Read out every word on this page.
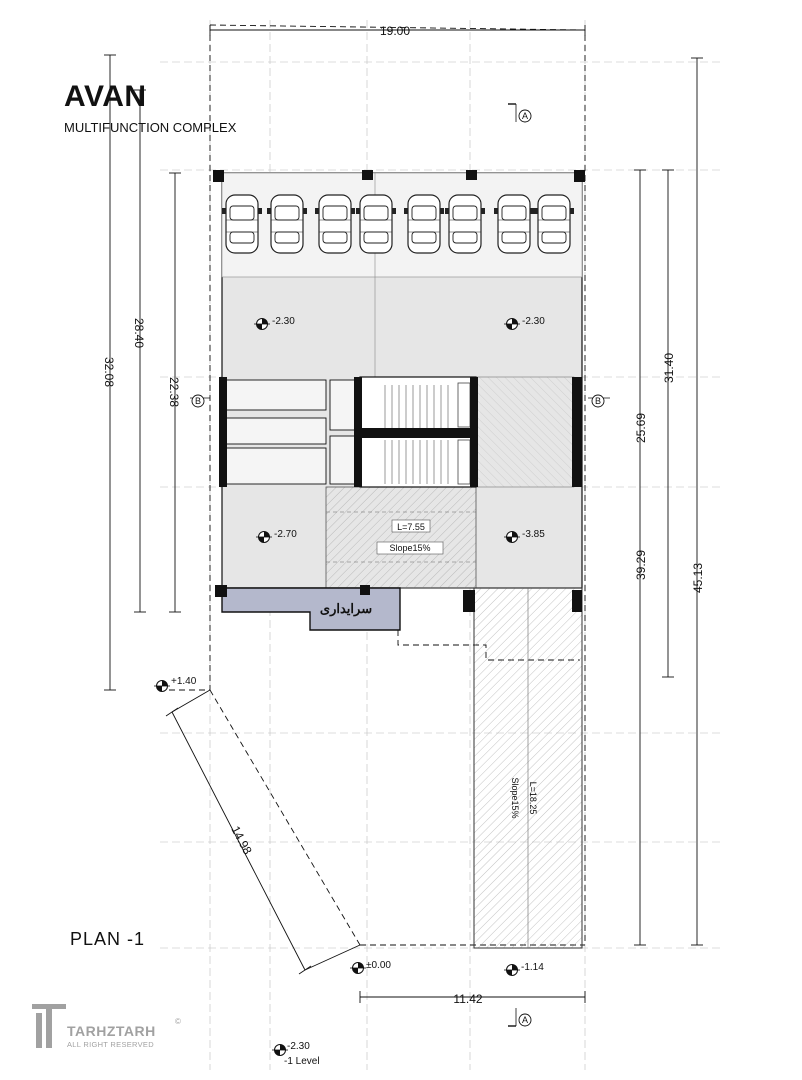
19.00
32.08
28.40
22.38
45.13
31.40
25.69
39.29
11.42
14.98
-2.30	-2.30
-2.70	-3.85
+1.40
±0.00	-1.14
-2.30
-1 Level
L=7.55
Slope15%
L=18.25
Slope15%
سرایداری
A
A
B	B
TARHZTARH
©
ALL RIGHT RESERVED
AVAN
MULTIFUNCTION COMPLEX
PLAN -1
